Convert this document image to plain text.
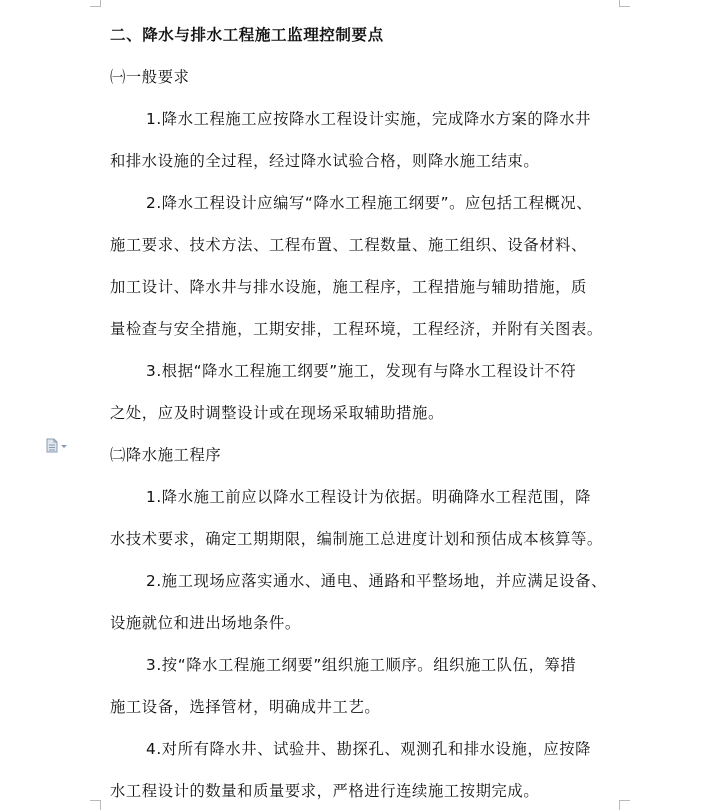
二、降水与排水工程施工监理控制要点
㈠一般要求
1.降水工程施工应按降水工程设计实施，完成降水方案的降水井
和排水设施的全过程，经过降水试验合格，则降水施工结束。
2.降水工程设计应编写“降水工程施工纲要”。应包括工程概况、
施工要求、技术方法、工程布置、工程数量、施工组织、设备材料、
加工设计、降水井与排水设施，施工程序，工程措施与辅助措施，质
量检查与安全措施，工期安排，工程环境，工程经济，并附有关图表。
3.根据“降水工程施工纲要”施工，发现有与降水工程设计不符
之处，应及时调整设计或在现场采取辅助措施。
㈡降水施工程序
1.降水施工前应以降水工程设计为依据。明确降水工程范围，降
水技术要求，确定工期期限，编制施工总进度计划和预估成本核算等。
2.施工现场应落实通水、通电、通路和平整场地，并应满足设备、
设施就位和进出场地条件。
3.按“降水工程施工纲要”组织施工顺序。组织施工队伍，筹措
施工设备，选择管材，明确成井工艺。
4.对所有降水井、试验井、勘探孔、观测孔和排水设施，应按降
水工程设计的数量和质量要求，严格进行连续施工按期完成。
